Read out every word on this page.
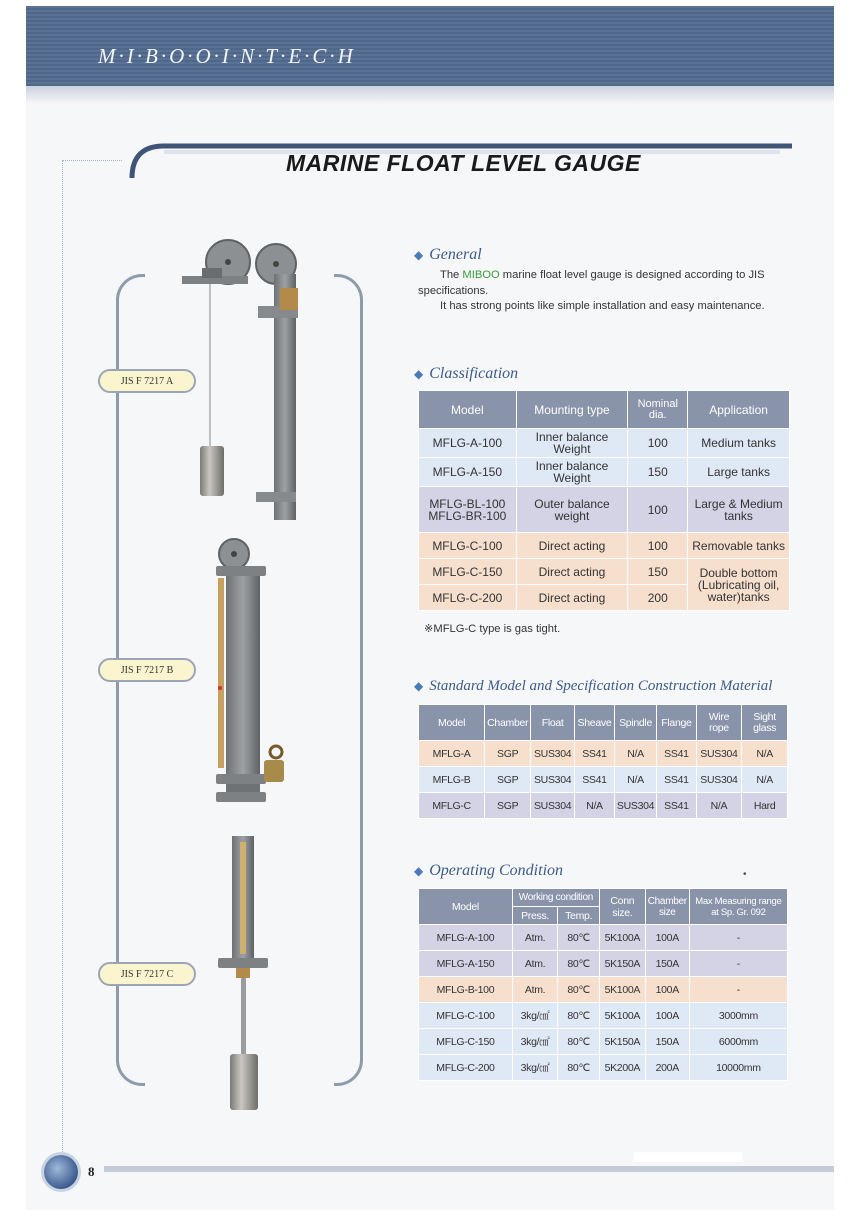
M·I·B·O·O·I·N·T·E·C·H
MARINE FLOAT LEVEL GAUGE
JIS F 7217 A
JIS F 7217 B
JIS F 7217 C
◆ General
The MIBOO marine float level gauge is designed according to JIS specifications.
It has strong points like simple installation and easy maintenance.
◆ Classification
Model	Mounting type	Nominal dia.	Application
MFLG-A-100	Inner balance Weight	100	Medium tanks
MFLG-A-150	Inner balance Weight	150	Large tanks
MFLG-BL-100 MFLG-BR-100	Outer balance weight	100	Large & Medium tanks
MFLG-C-100	Direct acting	100	Removable tanks
MFLG-C-150	Direct acting	150	Double bottom (Lubricating oil, water)tanks
MFLG-C-200	Direct acting	200	
※MFLG-C type is gas tight.
◆ Standard Model and Specification Construction Material
Model	Chamber	Float	Sheave	Spindle	Flange	Wire rope	Sight glass
MFLG-A	SGP	SUS304	SS41	N/A	SS41	SUS304	N/A
MFLG-B	SGP	SUS304	SS41	N/A	SS41	SUS304	N/A
MFLG-C	SGP	SUS304	N/A	SUS304	SS41	N/A	Hard
◆ Operating Condition	•
Model	Working condition		Conn size.	Chamber size	Max Measuring range at Sp. Gr. 092
	Press.	Temp.			
MFLG-A-100	Atm.	80℃	5K100A	100A	-
MFLG-A-150	Atm.	80℃	5K150A	150A	-
MFLG-B-100	Atm.	80℃	5K100A	100A	-
MFLG-C-100	3kg/㎠	80℃	5K100A	100A	3000mm
MFLG-C-150	3kg/㎠	80℃	5K150A	150A	6000mm
MFLG-C-200	3kg/㎠	80℃	5K200A	200A	10000mm
8
